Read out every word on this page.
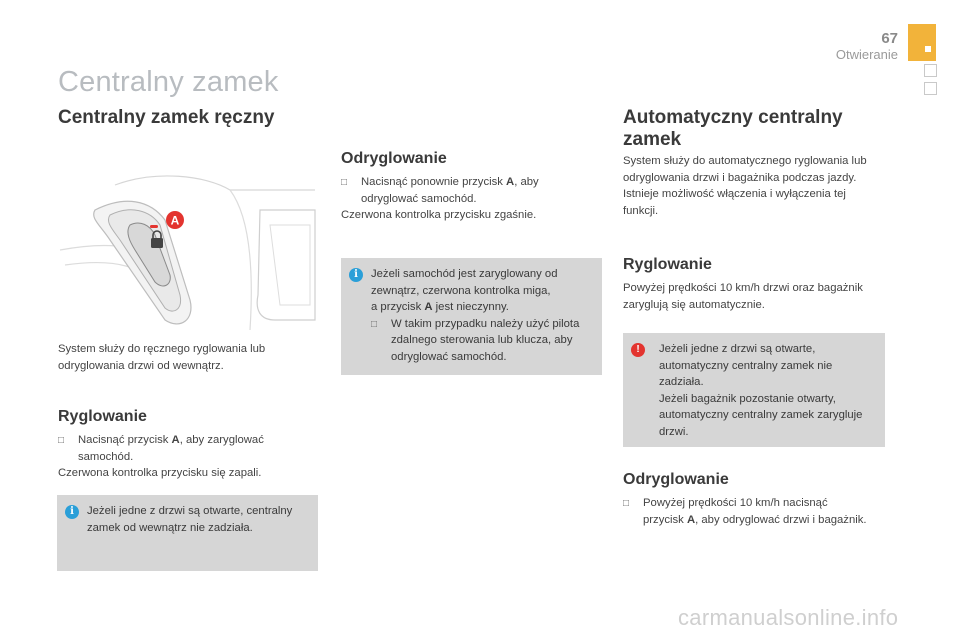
67
Otwieranie
Centralny zamek
Centralny zamek ręczny
A
System służy do ręcznego ryglowania lub odryglowania drzwi od wewnątrz.
Ryglowanie
□	Nacisnąć przycisk A, aby zaryglować samochód.
Czerwona kontrolka przycisku się zapali.
i	Jeżeli jedne z drzwi są otwarte, centralny zamek od wewnątrz nie zadziała.
Odryglowanie
□	Nacisnąć ponownie przycisk A, aby odryglować samochód.
Czerwona kontrolka przycisku zgaśnie.
i	Jeżeli samochód jest zaryglowany od zewnątrz, czerwona kontrolka miga,
a przycisk A jest nieczynny.
□	W takim przypadku należy użyć pilota zdalnego sterowania lub klucza, aby odryglować samochód.
Automatyczny centralny zamek
System służy do automatycznego ryglowania lub odryglowania drzwi i bagażnika podczas jazdy.
Istnieje możliwość włączenia i wyłączenia tej funkcji.
Ryglowanie
Powyżej prędkości 10 km/h drzwi oraz bagażnik zaryglują się automatycznie.
!	Jeżeli jedne z drzwi są otwarte, automatyczny centralny zamek nie zadziała.
Jeżeli bagażnik pozostanie otwarty, automatyczny centralny zamek zarygluje drzwi.
Odryglowanie
□	Powyżej prędkości 10 km/h nacisnąć przycisk A, aby odryglować drzwi i bagażnik.
carmanualsonline.info
